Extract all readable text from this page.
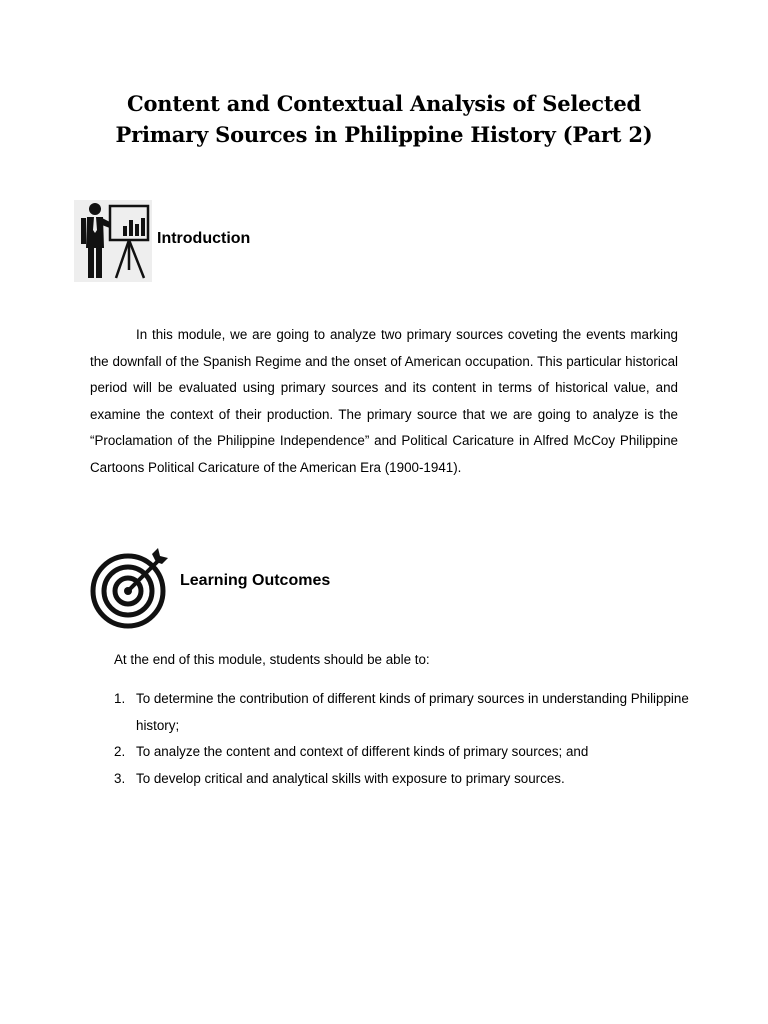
Content and Contextual Analysis of Selected
Primary Sources in Philippine History (Part 2)
Introduction

In this module, we are going to analyze two primary sources coveting the events marking the downfall of the Spanish Regime and the onset of American occupation. This particular historical period will be evaluated using primary sources and its content in terms of historical value, and examine the context of their production. The primary source that we are going to analyze is the “Proclamation of the Philippine Independence” and Political Caricature in Alfred McCoy Philippine Cartoons Political Caricature of the American Era (1900-1941).

Learning Outcomes
At the end of this module, students should be able to:
1. To determine the contribution of different kinds of primary sources in understanding Philippine history;
2. To analyze the content and context of different kinds of primary sources; and
3. To develop critical and analytical skills with exposure to primary sources.
